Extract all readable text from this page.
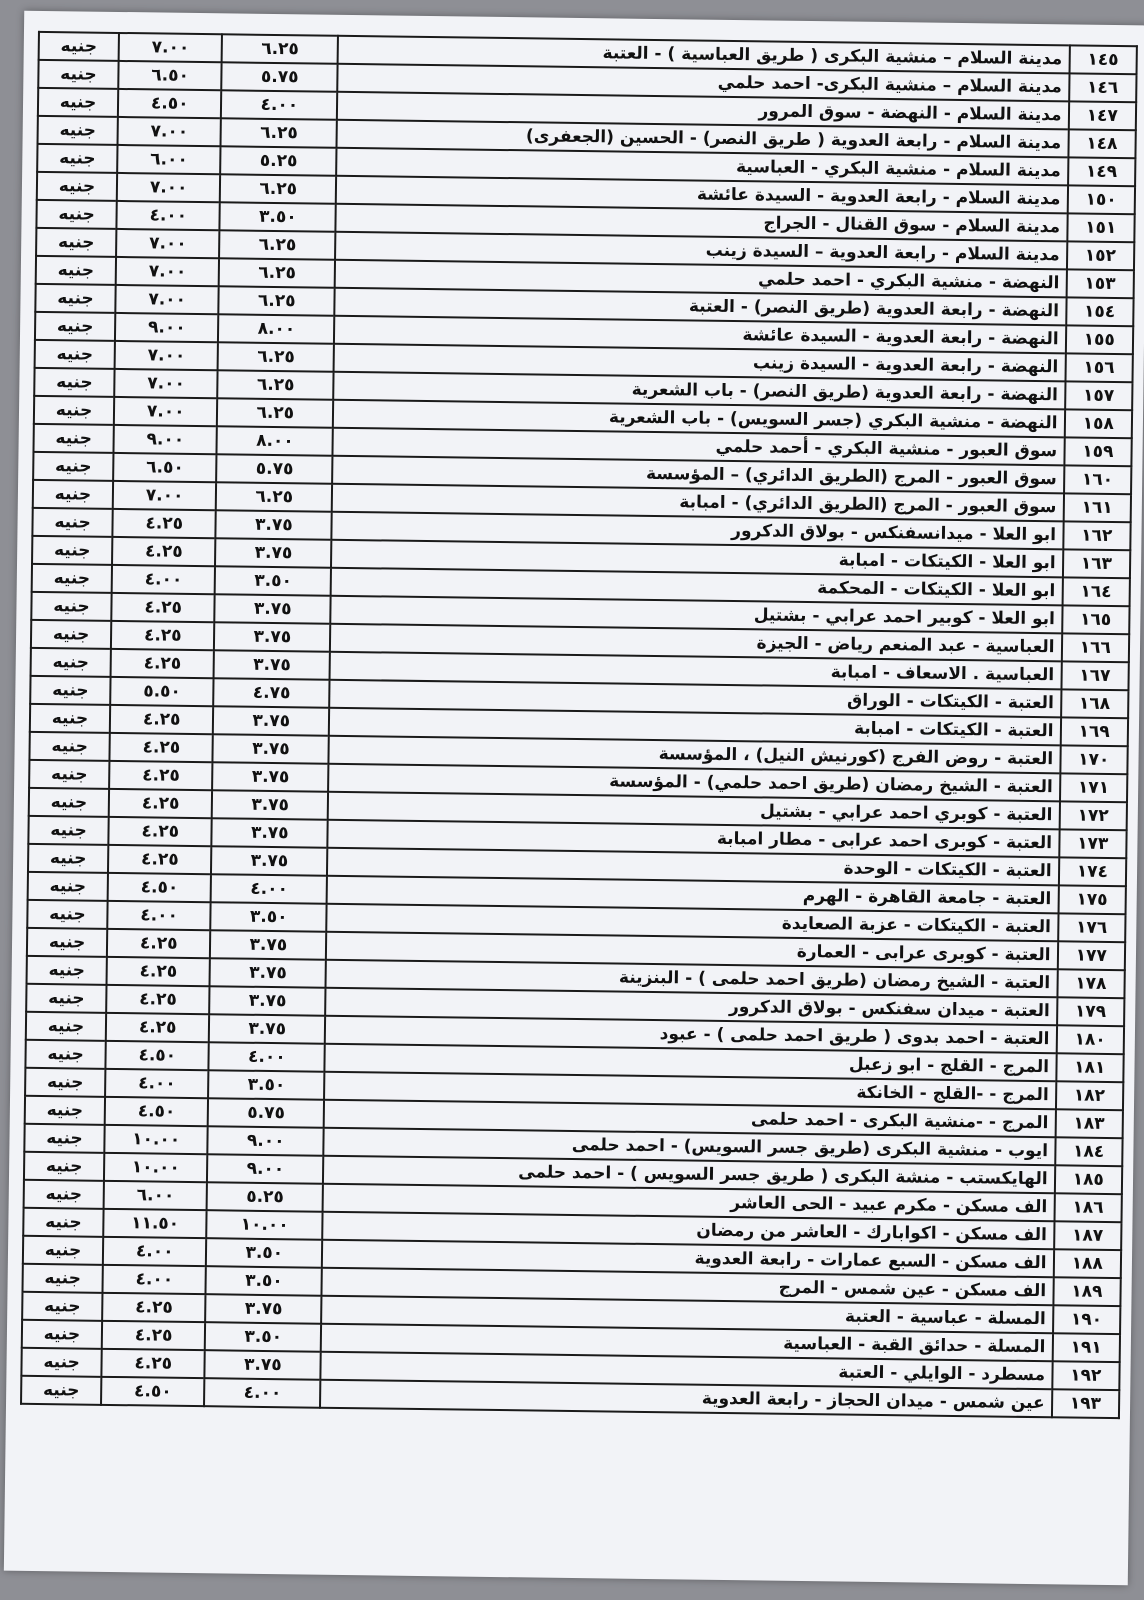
١٤٥	مدينة السلام – منشية البكرى ( طريق العباسية ) - العتبة	٦.٢٥	٧.٠٠	جنيه
١٤٦	مدينة السلام – منشية البكرى- احمد حلمي	٥.٧٥	٦.٥٠	جنيه
١٤٧	مدينة السلام - النهضة - سوق المرور	٤.٠٠	٤.٥٠	جنيه
١٤٨	مدينة السلام - رابعة العدوية ( طريق النصر) - الحسين (الجعفرى)	٦.٢٥	٧.٠٠	جنيه
١٤٩	مدينة السلام - منشية البكري - العباسية	٥.٢٥	٦.٠٠	جنيه
١٥٠	مدينة السلام - رابعة العدوية - السيدة عائشة	٦.٢٥	٧.٠٠	جنيه
١٥١	مدينة السلام - سوق القنال - الجراج	٣.٥٠	٤.٠٠	جنيه
١٥٢	مدينة السلام - رابعة العدوية – السيدة زينب	٦.٢٥	٧.٠٠	جنيه
١٥٣	النهضة - منشية البكري - احمد حلمي	٦.٢٥	٧.٠٠	جنيه
١٥٤	النهضة - رابعة العدوية (طريق النصر) - العتبة	٦.٢٥	٧.٠٠	جنيه
١٥٥	النهضة - رابعة العدوية - السيدة عائشة	٨.٠٠	٩.٠٠	جنيه
١٥٦	النهضة - رابعة العدوية - السيدة زينب	٦.٢٥	٧.٠٠	جنيه
١٥٧	النهضة - رابعة العدوية (طريق النصر) - باب الشعرية	٦.٢٥	٧.٠٠	جنيه
١٥٨	النهضة - منشية البكري (جسر السويس) - باب الشعرية	٦.٢٥	٧.٠٠	جنيه
١٥٩	سوق العبور - منشية البكري - أحمد حلمي	٨.٠٠	٩.٠٠	جنيه
١٦٠	سوق العبور - المرج (الطريق الدائري) – المؤسسة	٥.٧٥	٦.٥٠	جنيه
١٦١	سوق العبور - المرج (الطريق الدائري) - امبابة	٦.٢٥	٧.٠٠	جنيه
١٦٢	ابو العلا - ميدانسفنكس - بولاق الدكرور	٣.٧٥	٤.٢٥	جنيه
١٦٣	ابو العلا - الكيتكات - امبابة	٣.٧٥	٤.٢٥	جنيه
١٦٤	ابو العلا - الكيتكات - المحكمة	٣.٥٠	٤.٠٠	جنيه
١٦٥	ابو العلا - كوبير احمد عرابي - بشتيل	٣.٧٥	٤.٢٥	جنيه
١٦٦	العباسية - عبد المنعم رياض - الجيزة	٣.٧٥	٤.٢٥	جنيه
١٦٧	العباسية . الاسعاف - امبابة	٣.٧٥	٤.٢٥	جنيه
١٦٨	العتبة - الكيتكات - الوراق	٤.٧٥	٥.٥٠	جنيه
١٦٩	العتبة - الكيتكات - امبابة	٣.٧٥	٤.٢٥	جنيه
١٧٠	العتبة - روض الفرج (كورنيش النيل) ، المؤسسة	٣.٧٥	٤.٢٥	جنيه
١٧١	العتبة - الشيخ رمضان (طريق احمد حلمي) - المؤسسة	٣.٧٥	٤.٢٥	جنيه
١٧٢	العتبة - كوبري احمد عرابي - بشتيل	٣.٧٥	٤.٢٥	جنيه
١٧٣	العتبة - كوبرى احمد عرابى - مطار امبابة	٣.٧٥	٤.٢٥	جنيه
١٧٤	العتبة - الكيتكات - الوحدة	٣.٧٥	٤.٢٥	جنيه
١٧٥	العتبة - جامعة القاهرة - الهرم	٤.٠٠	٤.٥٠	جنيه
١٧٦	العتبة - الكيتكات - عزبة الصعايدة	٣.٥٠	٤.٠٠	جنيه
١٧٧	العتبة - كوبرى عرابى - العمارة	٣.٧٥	٤.٢٥	جنيه
١٧٨	العتبة - الشيخ رمضان (طريق احمد حلمى ) - البنزينة	٣.٧٥	٤.٢٥	جنيه
١٧٩	العتبة - ميدان سفنكس - بولاق الدكرور	٣.٧٥	٤.٢٥	جنيه
١٨٠	العتبة - احمد بدوى ( طريق احمد حلمى ) - عبود	٣.٧٥	٤.٢٥	جنيه
١٨١	المرج - القلج - ابو زعبل	٤.٠٠	٤.٥٠	جنيه
١٨٢	المرج - -القلج - الخانكة	٣.٥٠	٤.٠٠	جنيه
١٨٣	المرج - -منشية البكرى - احمد حلمى	٥.٧٥	٤.٥٠	جنيه
١٨٤	ايوب - منشية البكرى (طريق جسر السويس) - احمد حلمى	٩.٠٠	١٠.٠٠	جنيه
١٨٥	الهايكستب - منشة البكرى ( طريق جسر السويس ) - احمد حلمى	٩.٠٠	١٠.٠٠	جنيه
١٨٦	الف مسكن - مكرم عبيد - الحى العاشر	٥.٢٥	٦.٠٠	جنيه
١٨٧	الف مسكن - اكوابارك - العاشر من رمضان	١٠.٠٠	١١.٥٠	جنيه
١٨٨	الف مسكن - السبع عمارات - رابعة العدوية	٣.٥٠	٤.٠٠	جنيه
١٨٩	الف مسكن - عين شمس - المرج	٣.٥٠	٤.٠٠	جنيه
١٩٠	المسلة - عباسية - العتبة	٣.٧٥	٤.٢٥	جنيه
١٩١	المسلة - حدائق القبة - العباسية	٣.٥٠	٤.٢٥	جنيه
١٩٢	مسطرد - الوايلي - العتبة	٣.٧٥	٤.٢٥	جنيه
١٩٣	عين شمس - ميدان الحجاز - رابعة العدوية	٤.٠٠	٤.٥٠	جنيه
